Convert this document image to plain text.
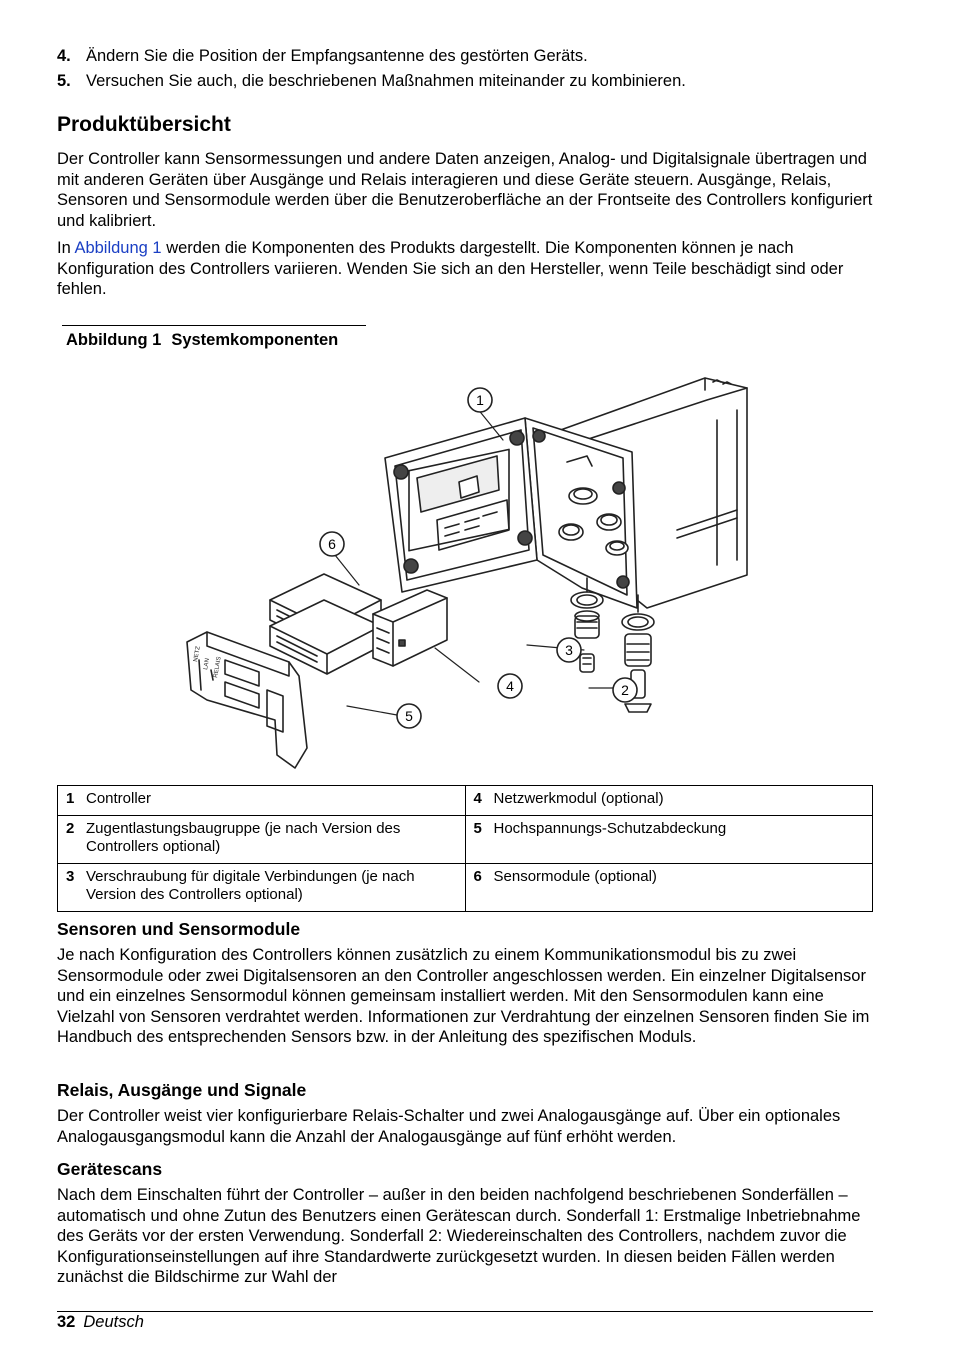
4. Ändern Sie die Position der Empfangsantenne des gestörten Geräts.
5. Versuchen Sie auch, die beschriebenen Maßnahmen miteinander zu kombinieren.
Produktübersicht

Der Controller kann Sensormessungen und andere Daten anzeigen, Analog- und Digitalsignale übertragen und mit anderen Geräten über Ausgänge und Relais interagieren und diese Geräte steuern. Ausgänge, Relais, Sensoren und Sensormodule werden über die Benutzeroberfläche an der Frontseite des Controllers konfiguriert und kalibriert.

In Abbildung 1 werden die Komponenten des Produkts dargestellt. Die Komponenten können je nach Konfiguration des Controllers variieren. Wenden Sie sich an den Hersteller, wenn Teile beschädigt sind oder fehlen.

Abbildung 1 Systemkomponenten
NETZ
LAN RELAIS
1
6
3
4	2
5
1 Controller	4 Netzwerkmodul (optional)
2 Zugentlastungsbaugruppe (je nach Version des Controllers optional)	5 Hochspannungs-Schutzabdeckung
3 Verschraubung für digitale Verbindungen (je nach Version des Controllers optional)	6 Sensormodule (optional)
Sensoren und Sensormodule

Je nach Konfiguration des Controllers können zusätzlich zu einem Kommunikationsmodul bis zu zwei Sensormodule oder zwei Digitalsensoren an den Controller angeschlossen werden. Ein einzelner Digitalsensor und ein einzelnes Sensormodul können gemeinsam installiert werden. Mit den Sensormodulen kann eine Vielzahl von Sensoren verdrahtet werden. Informationen zur Verdrahtung der einzelnen Sensoren finden Sie im Handbuch des entsprechenden Sensors bzw. in der Anleitung des spezifischen Moduls.

Relais, Ausgänge und Signale

Der Controller weist vier konfigurierbare Relais-Schalter und zwei Analogausgänge auf. Über ein optionales Analogausgangsmodul kann die Anzahl der Analogausgänge auf fünf erhöht werden.

Gerätescans

Nach dem Einschalten führt der Controller – außer in den beiden nachfolgend beschriebenen Sonderfällen – automatisch und ohne Zutun des Benutzers einen Gerätescan durch. Sonderfall 1: Erstmalige Inbetriebnahme des Geräts vor der ersten Verwendung. Sonderfall 2: Wiedereinschalten des Controllers, nachdem zuvor die Konfigurationseinstellungen auf ihre Standardwerte zurückgesetzt wurden. In diesen beiden Fällen werden zunächst die Bildschirme zur Wahl der

32 Deutsch
